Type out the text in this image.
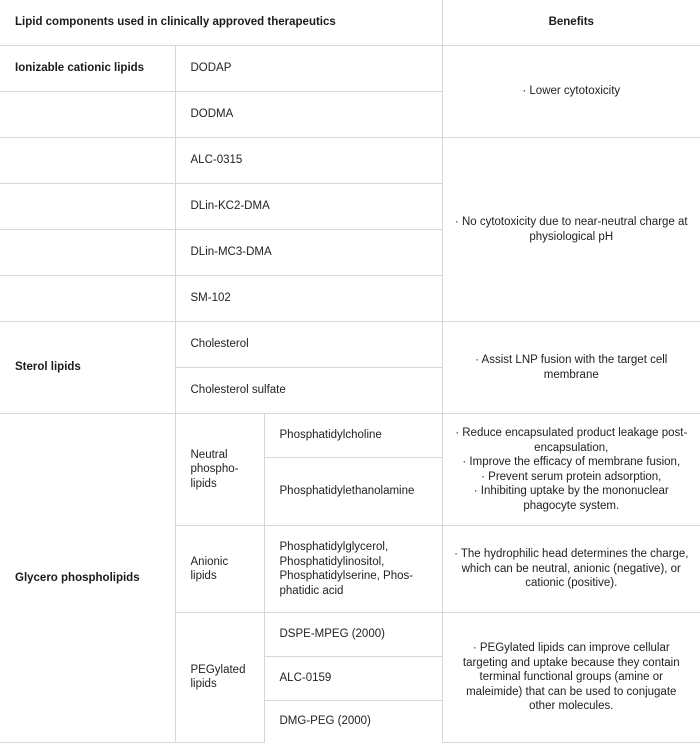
Lipid components used in clinically approved therapeutics			Benefits
Ionizable cationic lipids	DODAP		· Lower cytotoxicity
	DODMA		
	ALC-0315		· No cytotoxicity due to near-neutral charge at physiological pH
	DLin-KC2-DMA		
	DLin-MC3-DMA		
	SM-102		
Sterol lipids	Cholesterol		· Assist LNP fusion with the target cell membrane
	Cholesterol sulfate		
Glycero phospholipids	Neutral phospho-lipids	Phosphatidylcholine	· Reduce encapsulated product leakage post-encapsulation,
· Improve the efficacy of membrane fusion,
· Prevent serum protein adsorption,
· Inhibiting uptake by the mononuclear phagocyte system.

		Phosphatidylethanolamine	
	Anionic lipids	Phosphatidylglycerol, Phosphatidylinositol, Phosphatidylserine, Phos-phatidic acid	· The hydrophilic head determines the charge, which can be neutral, anionic (negative), or cationic (positive).
	PEGylated lipids	DSPE-MPEG (2000)	· PEGylated lipids can improve cellular targeting and uptake because they contain terminal functional groups (amine or maleimide) that can be used to conjugate other molecules.
		ALC-0159	
		DMG-PEG (2000)	
